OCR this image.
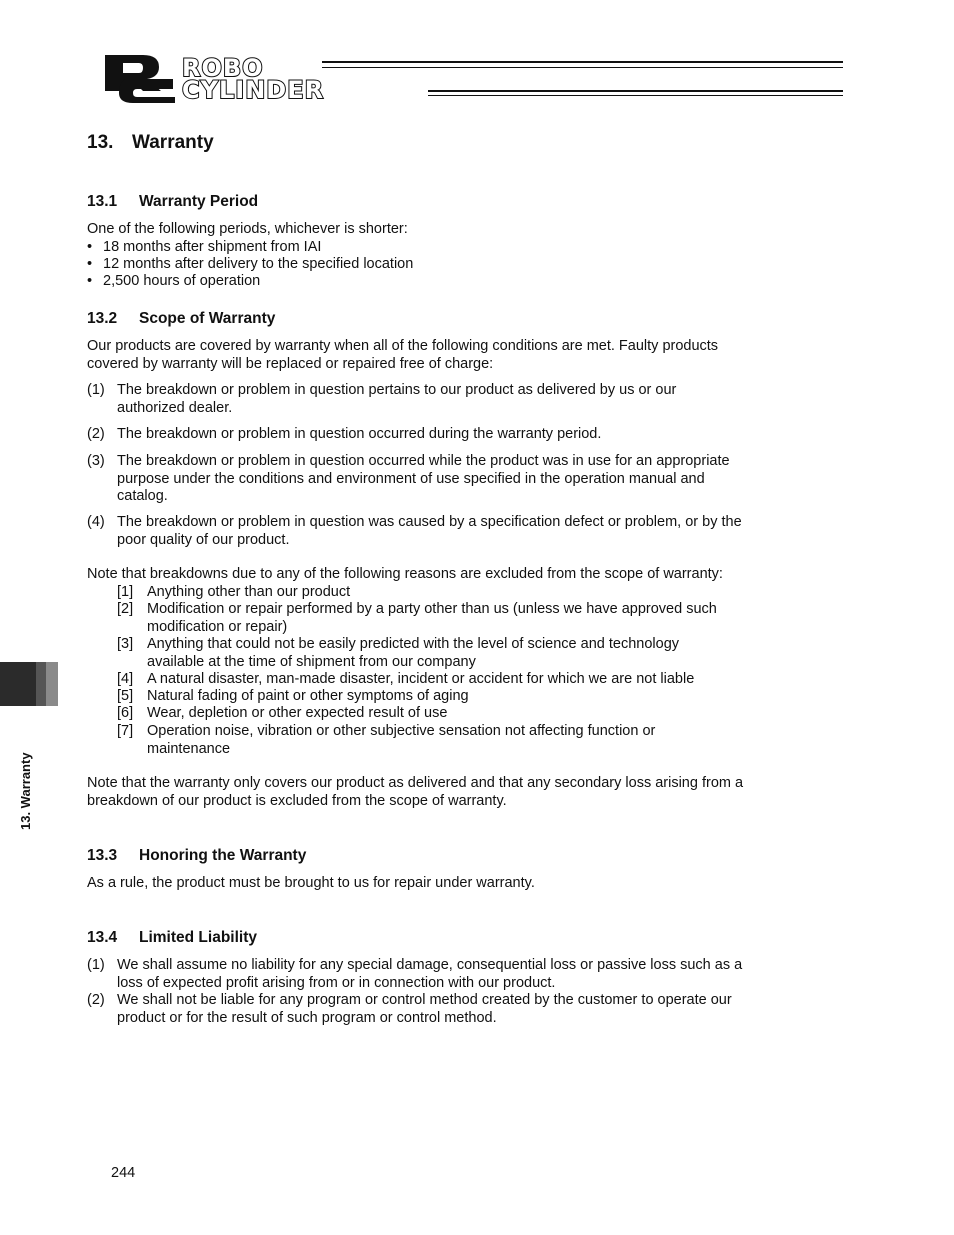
ROBO
CYLINDER
13. Warranty
13.1 Warranty Period

One of the following periods, whichever is shorter:

• 18 months after shipment from IAI
• 12 months after delivery to the specified location
• 2,500 hours of operation
13.2 Scope of Warranty

Our products are covered by warranty when all of the following conditions are met. Faulty products covered by warranty will be replaced or repaired free of charge:

(1) The breakdown or problem in question pertains to our product as delivered by us or our authorized dealer.
(2) The breakdown or problem in question occurred during the warranty period.
(3) The breakdown or problem in question occurred while the product was in use for an appropriate purpose under the conditions and environment of use specified in the operation manual and catalog.
(4) The breakdown or problem in question was caused by a specification defect or problem, or by the poor quality of our product.

Note that breakdowns due to any of the following reasons are excluded from the scope of warranty:

[1] Anything other than our product
[2] Modification or repair performed by a party other than us (unless we have approved such modification or repair)
[3] Anything that could not be easily predicted with the level of science and technology available at the time of shipment from our company
[4] A natural disaster, man-made disaster, incident or accident for which we are not liable
[5] Natural fading of paint or other symptoms of aging
[6] Wear, depletion or other expected result of use
[7] Operation noise, vibration or other subjective sensation not affecting function or maintenance

Note that the warranty only covers our product as delivered and that any secondary loss arising from a breakdown of our product is excluded from the scope of warranty.

13.3 Honoring the Warranty

As a rule, the product must be brought to us for repair under warranty.

13.4 Limited Liability
(1) We shall assume no liability for any special damage, consequential loss or passive loss such as a loss of expected profit arising from or in connection with our product.
(2) We shall not be liable for any program or control method created by the customer to operate our product or for the result of such program or control method.
13. Warranty
244
